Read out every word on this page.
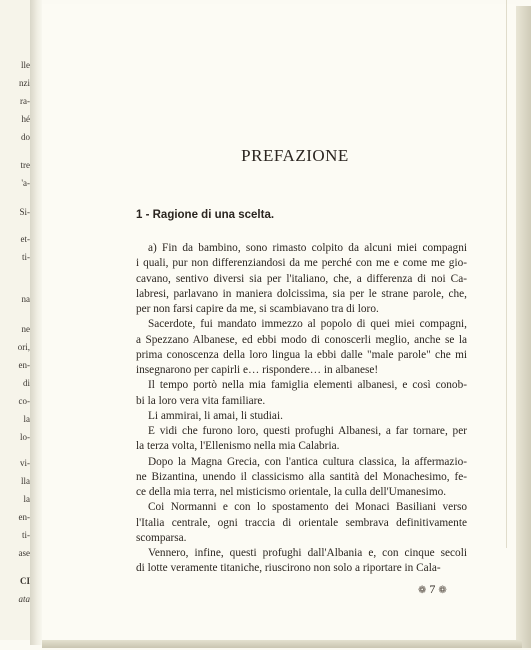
lle
nzi
ra-
hé
do
tre
'a-
Si-
et-
ti-
na
ne
ori,
en-
di
co-
la
lo-
vi-
lla
la
en-
ti-
ase
CI
ata
PREFAZIONE
1 - Ragione di una scelta.
a) Fin da bambino, sono rimasto colpito da alcuni miei compagni
i quali, pur non differenziandosi da me perché con me e come me gio-
cavano, sentivo diversi sia per l'italiano, che, a differenza di noi Ca-
labresi, parlavano in maniera dolcissima, sia per le strane parole, che,
per non farsi capire da me, si scambiavano tra di loro.
Sacerdote, fui mandato immezzo al popolo di quei miei compagni,
a Spezzano Albanese, ed ebbi modo di conoscerli meglio, anche se la
prima conoscenza della loro lingua la ebbi dalle "male parole" che mi
insegnarono per capirli e… rispondere… in albanese!
Il tempo portò nella mia famiglia elementi albanesi, e così conob-
bi la loro vera vita familiare.
Li ammirai, li amai, li studiai.
E vidi che furono loro, questi profughi Albanesi, a far tornare, per
la terza volta, l'Ellenismo nella mia Calabria.
Dopo la Magna Grecia, con l'antica cultura classica, la affermazio-
ne Bizantina, unendo il classicismo alla santità del Monachesimo, fe-
ce della mia terra, nel misticismo orientale, la culla dell'Umanesimo.
Coi Normanni e con lo spostamento dei Monaci Basiliani verso
l'Italia centrale, ogni traccia di orientale sembrava definitivamente
scomparsa.
Vennero, infine, questi profughi dall'Albania e, con cinque secoli
di lotte veramente titaniche, riuscirono non solo a riportare in Cala-
❁ 7 ❁
